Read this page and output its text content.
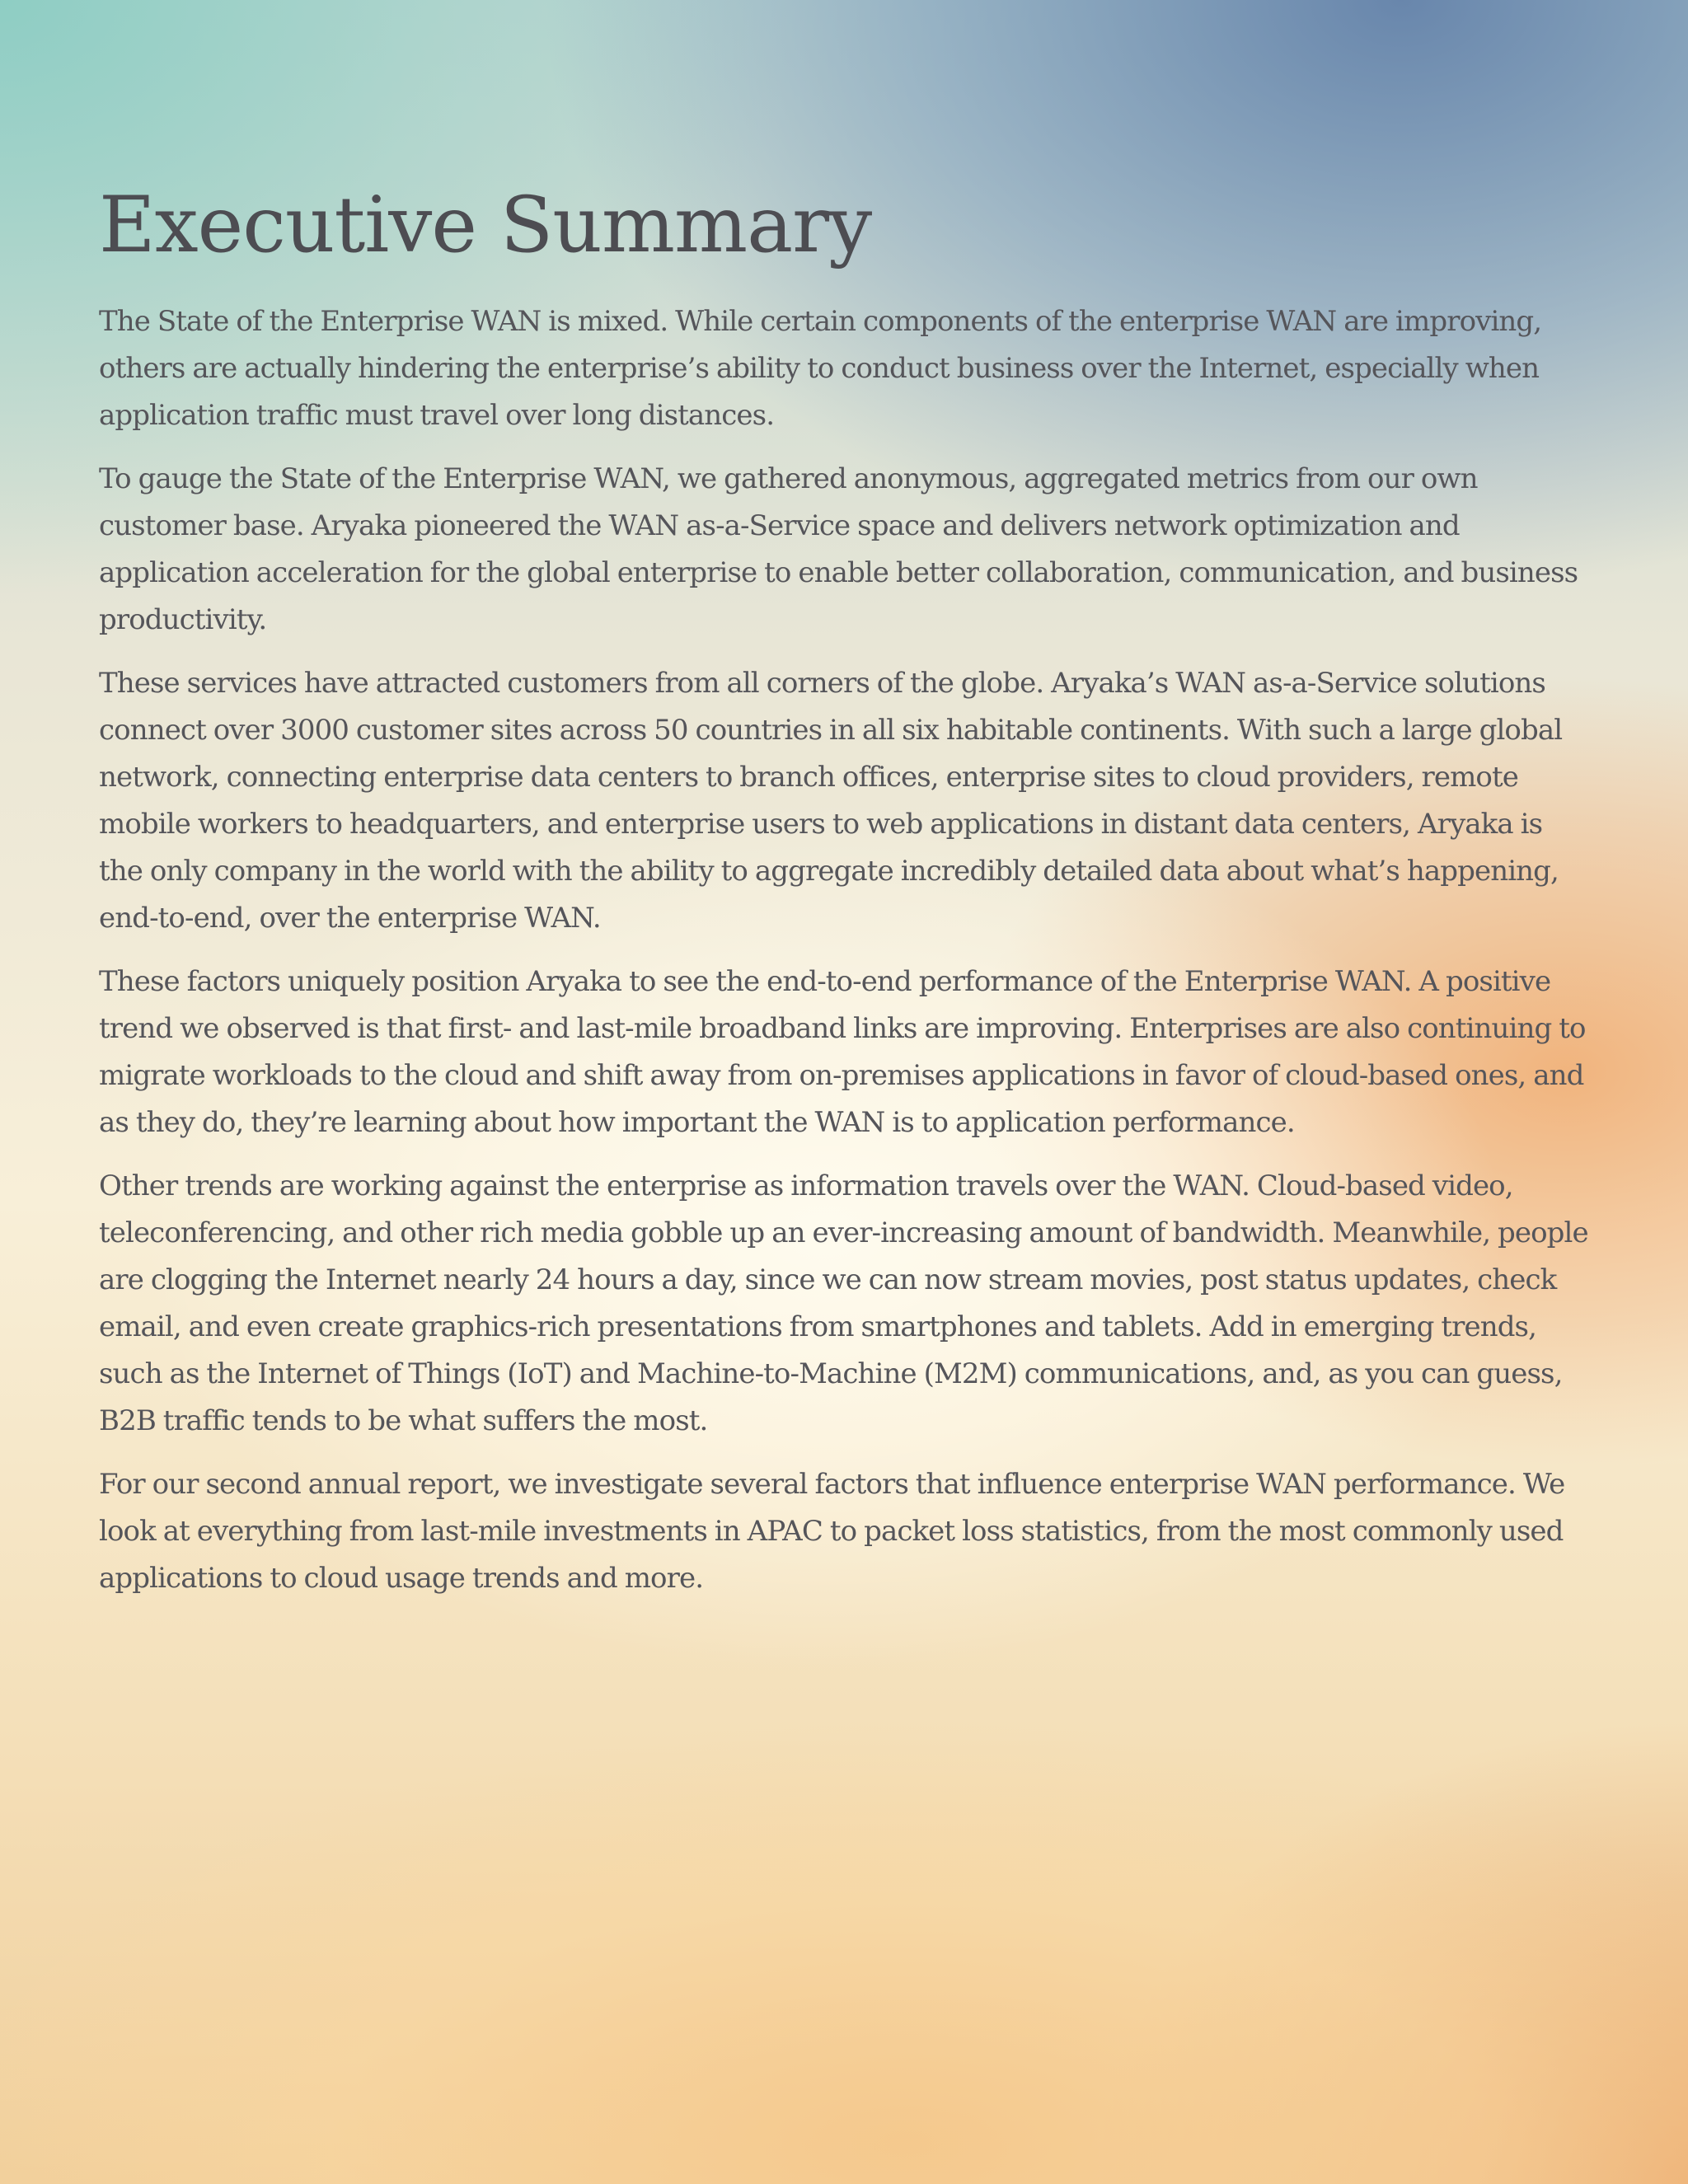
Executive Summary

The State of the Enterprise WAN is mixed. While certain components of the enterprise WAN are improving, others are actually hindering the enterprise’s ability to conduct business over the Internet, especially when application traffic must travel over long distances.

To gauge the State of the Enterprise WAN, we gathered anonymous, aggregated metrics from our own customer base. Aryaka pioneered the WAN as-a-Service space and delivers network optimization and application acceleration for the global enterprise to enable better collaboration, communication, and business productivity.

These services have attracted customers from all corners of the globe. Aryaka’s WAN as-a-Service solutions connect over 3000 customer sites across 50 countries in all six habitable continents. With such a large global network, connecting enterprise data centers to branch offices, enterprise sites to cloud providers, remote mobile workers to headquarters, and enterprise users to web applications in distant data centers, Aryaka is the only company in the world with the ability to aggregate incredibly detailed data about what’s happening, end-to-end, over the enterprise WAN.

These factors uniquely position Aryaka to see the end-to-end performance of the Enterprise WAN. A positive trend we observed is that first- and last-mile broadband links are improving. Enterprises are also continuing to migrate workloads to the cloud and shift away from on-premises applications in favor of cloud-based ones, and as they do, they’re learning about how important the WAN is to application performance.

Other trends are working against the enterprise as information travels over the WAN. Cloud-based video, teleconferencing, and other rich media gobble up an ever-increasing amount of bandwidth. Meanwhile, people are clogging the Internet nearly 24 hours a day, since we can now stream movies, post status updates, check email, and even create graphics-rich presentations from smartphones and tablets. Add in emerging trends, such as the Internet of Things (IoT) and Machine-to-Machine (M2M) communications, and, as you can guess, B2B traffic tends to be what suffers the most.

For our second annual report, we investigate several factors that influence enterprise WAN performance. We look at everything from last-mile investments in APAC to packet loss statistics, from the most commonly used applications to cloud usage trends and more.
